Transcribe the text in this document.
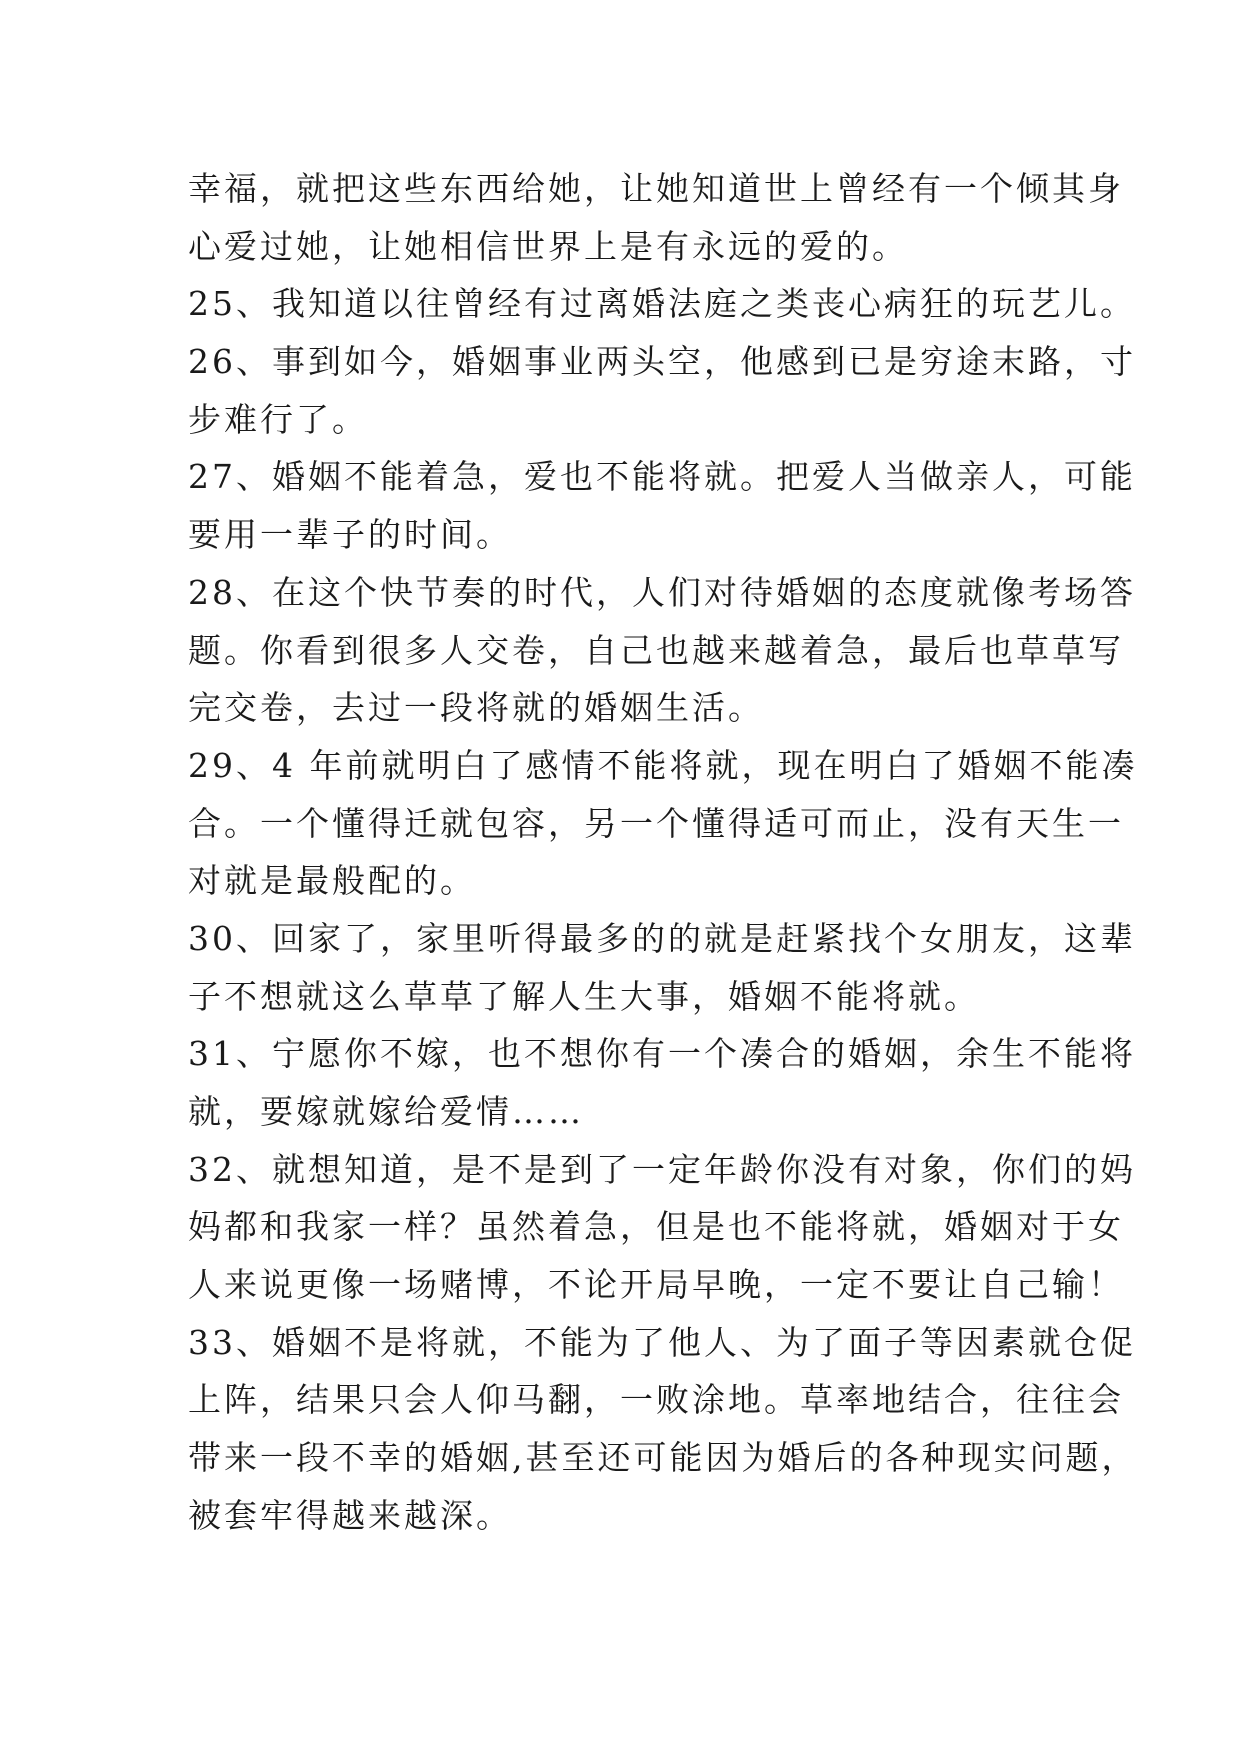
幸福，就把这些东西给她，让她知道世上曾经有一个倾其身
心爱过她，让她相信世界上是有永远的爱的。
25、我知道以往曾经有过离婚法庭之类丧心病狂的玩艺儿。
26、事到如今，婚姻事业两头空，他感到已是穷途末路，寸
步难行了。
27、婚姻不能着急，爱也不能将就。把爱人当做亲人，可能
要用一辈子的时间。
28、在这个快节奏的时代，人们对待婚姻的态度就像考场答
题。你看到很多人交卷，自己也越来越着急，最后也草草写
完交卷，去过一段将就的婚姻生活。
29、4 年前就明白了感情不能将就，现在明白了婚姻不能凑
合。一个懂得迁就包容，另一个懂得适可而止，没有天生一
对就是最般配的。
30、回家了，家里听得最多的的就是赶紧找个女朋友，这辈
子不想就这么草草了解人生大事，婚姻不能将就。
31、宁愿你不嫁，也不想你有一个凑合的婚姻，余生不能将
就，要嫁就嫁给爱情……
32、就想知道，是不是到了一定年龄你没有对象，你们的妈
妈都和我家一样？虽然着急，但是也不能将就，婚姻对于女
人来说更像一场赌博，不论开局早晚，一定不要让自己输！
33、婚姻不是将就，不能为了他人、为了面子等因素就仓促
上阵，结果只会人仰马翻，一败涂地。草率地结合，往往会
带来一段不幸的婚姻,甚至还可能因为婚后的各种现实问题，
被套牢得越来越深。
